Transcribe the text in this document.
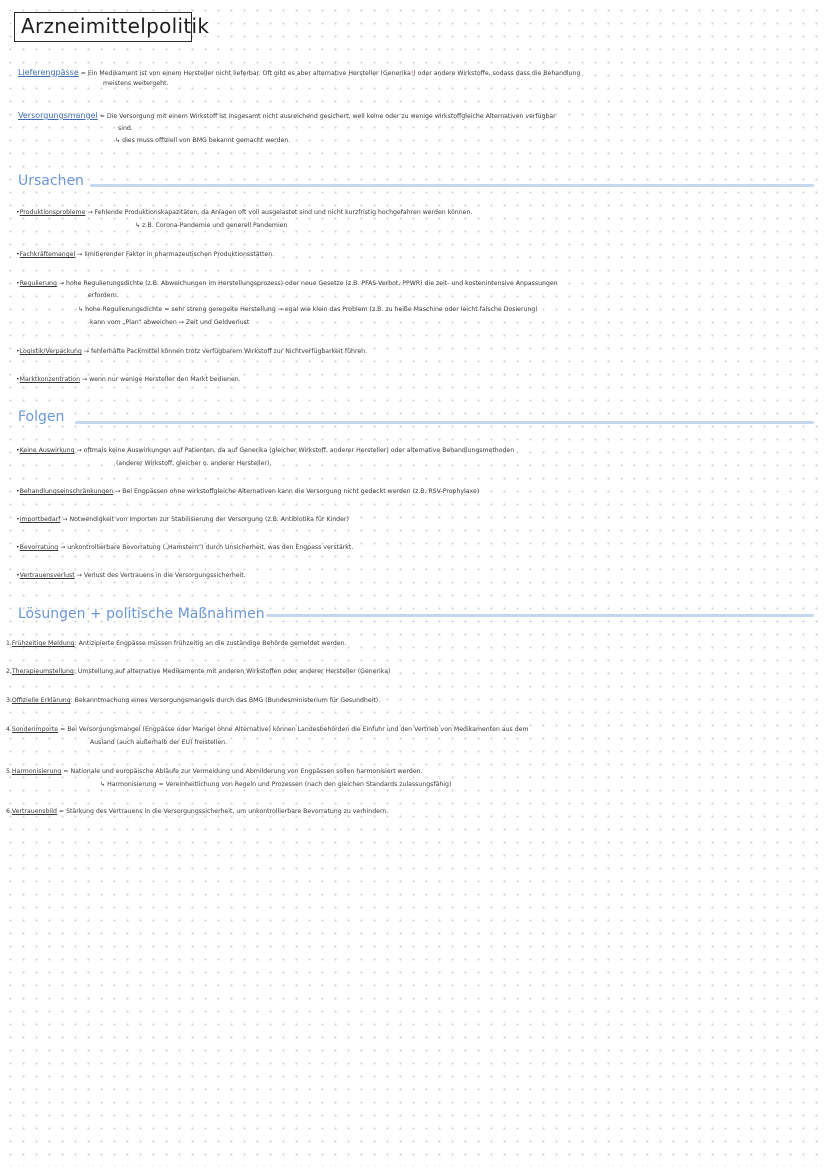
Arzneimittelpolitik
Lieferengpässe = Ein Medikament ist von einem Hersteller nicht lieferbar. Oft gibt es aber alternative Hersteller (Generika!) oder andere Wirkstoffe, sodass dass die Behandlung
meistens weitergeht.
Versorgungsmangel = Die Versorgung mit einem Wirkstoff ist insgesamt nicht ausreichend gesichert, weil keine oder zu wenige wirkstoffgleiche Alternativen verfügbar
sind.
↳ dies muss offiziell von BMG bekannt gemacht werden.
Ursachen
•Produktionsprobleme → Fehlende Produktionskapazitäten, da Anlagen oft voll ausgelastet sind und nicht kurzfristig hochgefahren werden können.
↳ z.B. Corona-Pandemie und generell Pandemien
•Fachkräftemangel → limitierender Faktor in pharmazeutischen Produktionsstätten.
•Regulierung → hohe Regulierungsdichte (z.B. Abweichungen im Herstellungsprozess) oder neue Gesetze (z.B. PFAS-Verbot, PPWR) die zeit- und kostenintensive Anpassungen
erfordern.
↳ hohe Regulierungsdichte = sehr streng geregelte Herstellung → egal wie klein das Problem (z.B. zu heiße Maschine oder leicht falsche Dosierung)
kann vom „Plan“ abweichen → Zeit und Geldverlust
•Logistik/Verpackung → fehlerhafte Packmittel können trotz verfügbarem Wirkstoff zur Nichtverfügbarkeit führen.
•Marktkonzentration → wenn nur wenige Hersteller den Markt bedienen.
Folgen
•Keine Auswirkung → oftmals keine Auswirkungen auf Patienten, da auf Generika (gleicher Wirkstoff, anderer Hersteller) oder alternative Behandlungsmethoden
(anderer Wirkstoff, gleicher o. anderer Hersteller).
•Behandlungseinschränkungen → Bei Engpässen ohne wirkstoffgleiche Alternativen kann die Versorgung nicht gedeckt werden (z.B. RSV-Prophylaxe)
•Importbedarf → Notwendigkeit von Importen zur Stabilisierung der Versorgung (z.B. Antibiotika für Kinder)
•Bevorratung → unkontrollierbare Bevorratung („Hamstern“) durch Unsicherheit, was den Engpass verstärkt.
•Vertrauensverlust → Verlust des Vertrauens in die Versorgungssicherheit.
Lösungen + politische Maßnahmen
1.Frühzeitige Meldung: Antizipierte Engpässe müssen frühzeitig an die zuständige Behörde gemeldet werden.
2.Therapieumstellung: Umstellung auf alternative Medikamente mit anderen Wirkstoffen oder anderer Hersteller (Generika)
3.Offizielle Erklärung: Bekanntmachung eines Versorgungsmangels durch das BMG (Bundesministerium für Gesundheit).
4.Sonderimporte = Bei Versorgungsmangel (Engpässe oder Mangel ohne Alternative) können Landesbehörden die Einfuhr und den Vertrieb von Medikamenten aus dem
Ausland (auch außerhalb der EU) freistellen.
5.Harmonisierung = Nationale und europäische Abläufe zur Vermeidung und Abmilderung von Engpässen sollen harmonisiert werden.
↳ Harmonisierung = Vereinheitlichung von Regeln und Prozessen (nach den gleichen Standards zulassungsfähig)
6.Vertrauensbild = Stärkung des Vertrauens in die Versorgungssicherheit, um unkontrollierbare Bevorratung zu verhindern.
